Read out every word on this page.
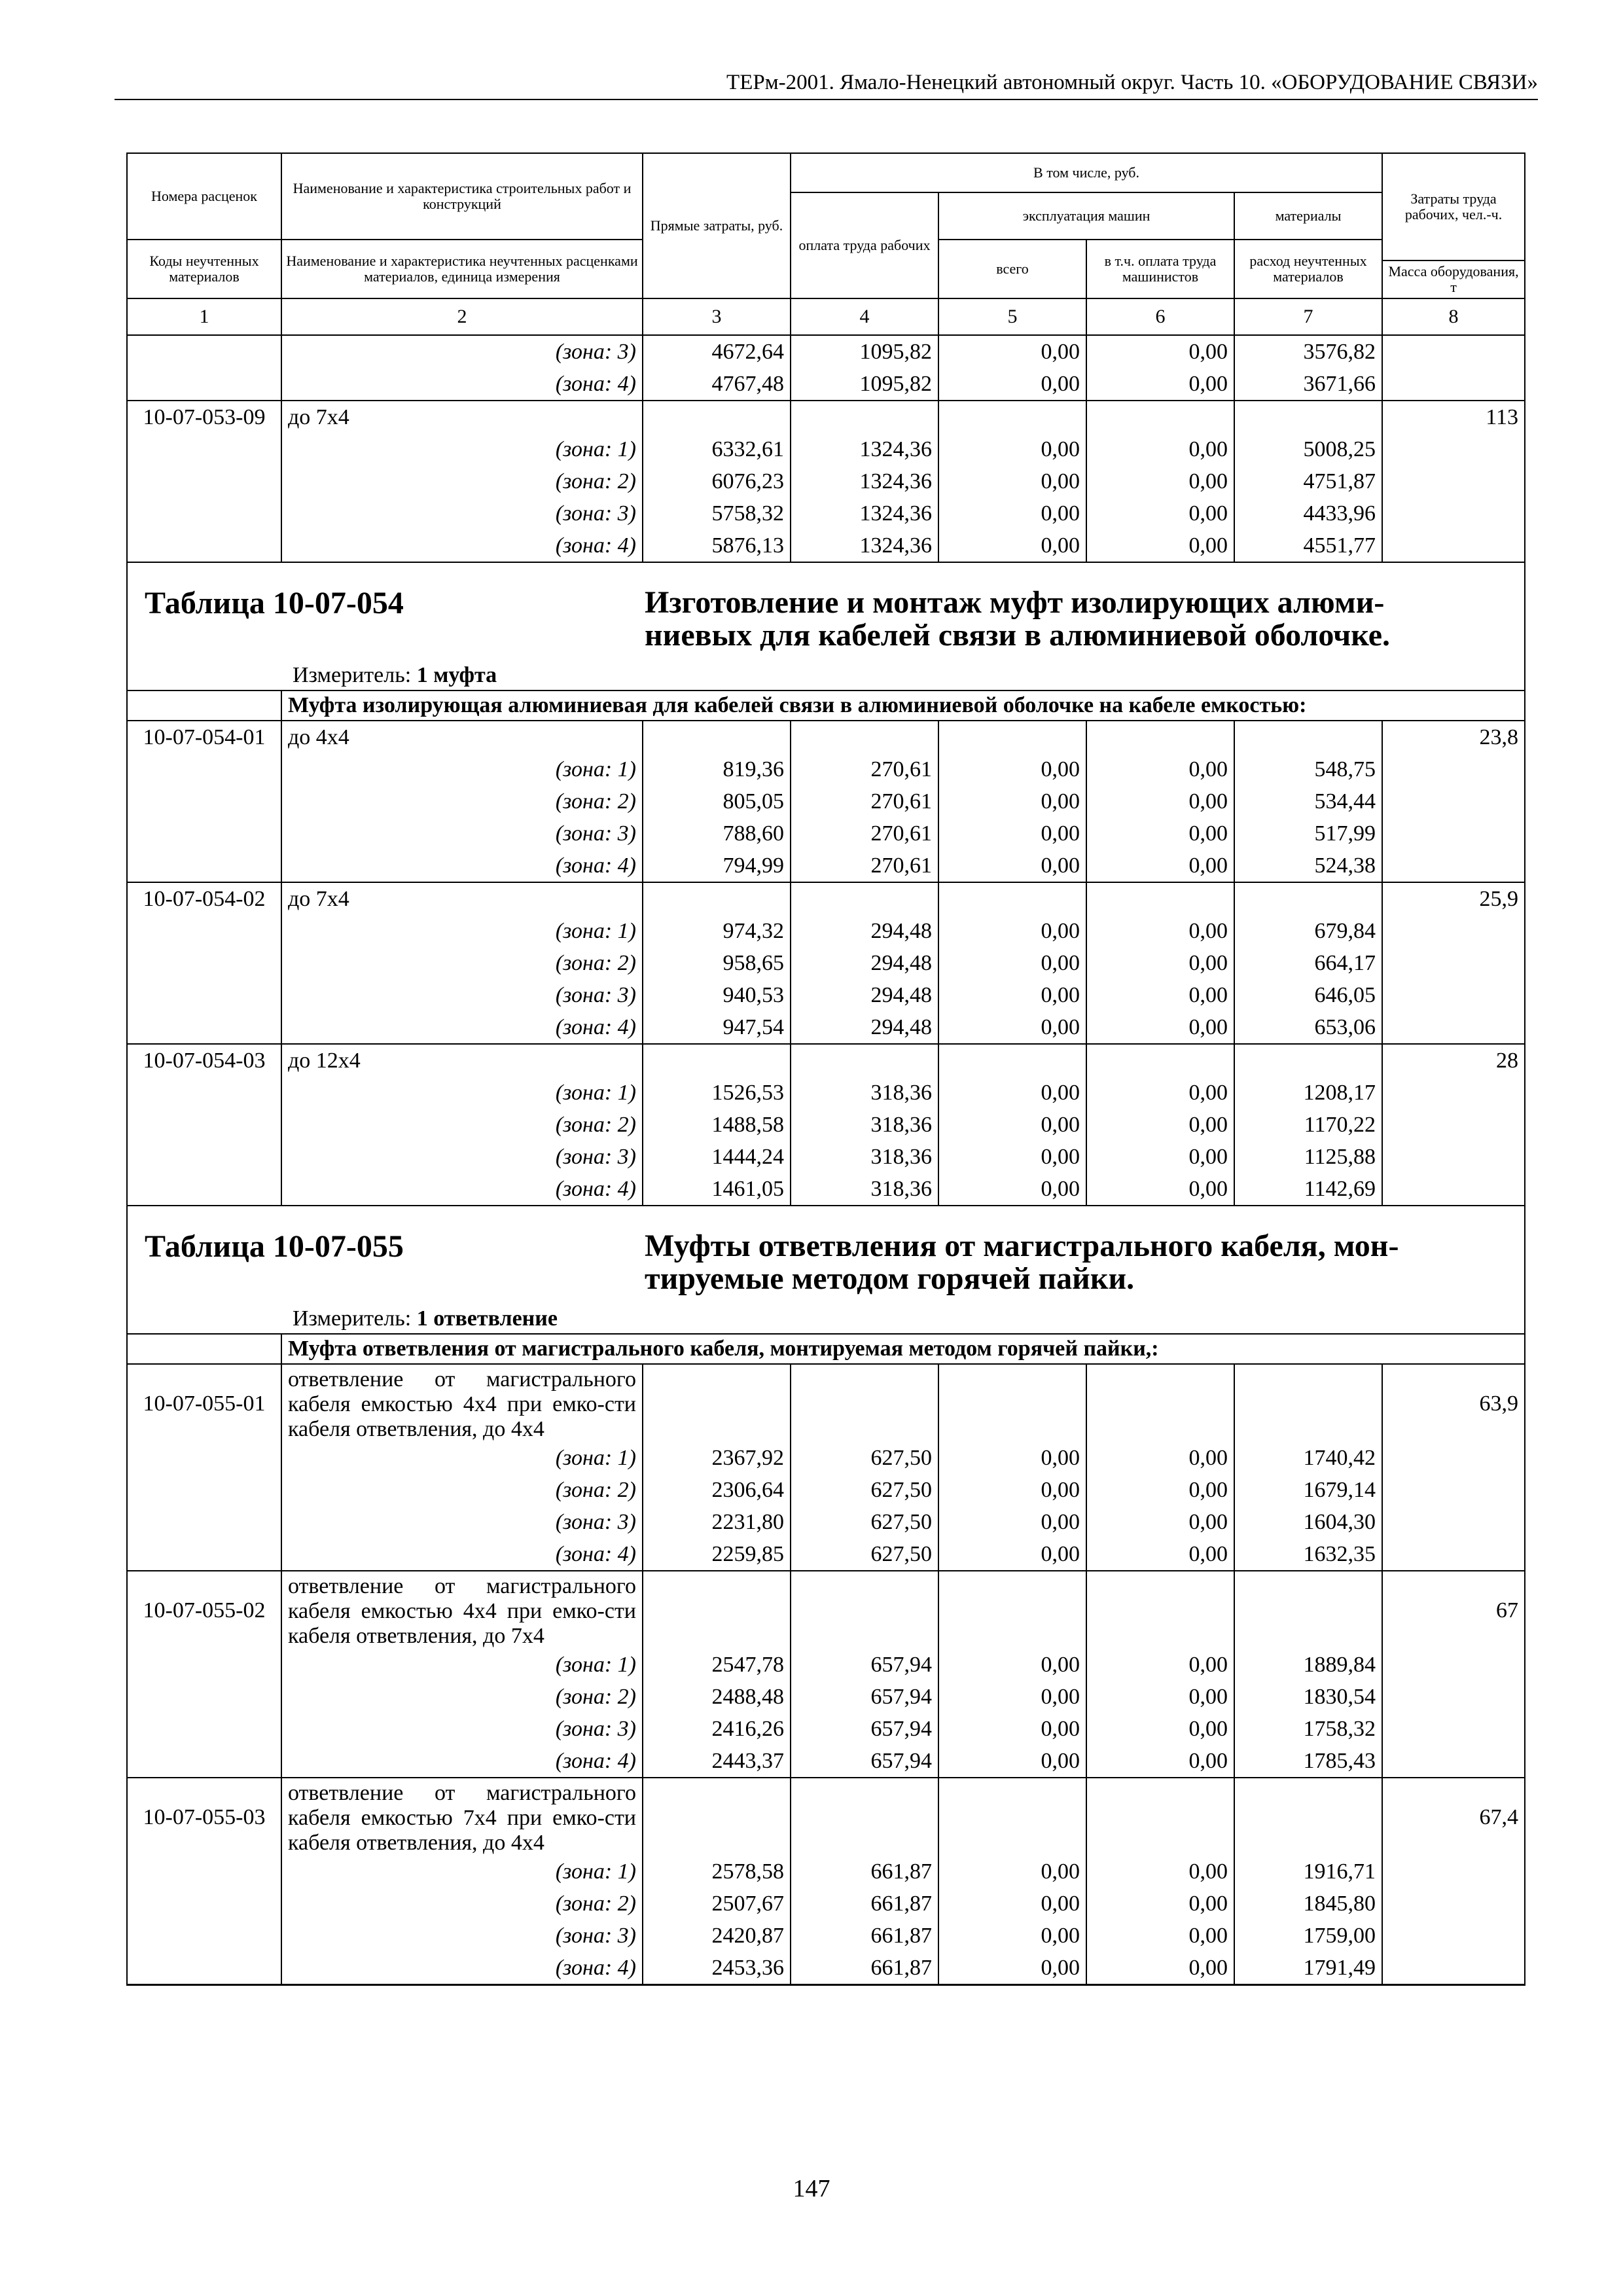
ТЕРм-2001. Ямало-Ненецкий автономный округ. Часть 10. «ОБОРУДОВАНИЕ СВЯЗИ»
Номера расценок	Наименование и характеристика строительных работ и конструкций	Прямые затраты, руб.	В том числе, руб.				Затраты труда рабочих, чел.-ч.
			оплата труда рабочих	эксплуатация машин		материалы	
Коды неучтенных материалов	Наименование и характеристика неучтенных расценками материалов, единица измерения			всего	в т.ч. оплата труда машинистов	расход неучтенных материалов	
							Масса оборудования, т
1	2	3	4	5	6	7	8
	(зона: 3)	4672,64	1095,82	0,00	0,00	3576,82	
	(зона: 4)	4767,48	1095,82	0,00	0,00	3671,66	
10-07-053-09	до 7x4						113
	(зона: 1)	6332,61	1324,36	0,00	0,00	5008,25	
	(зона: 2)	6076,23	1324,36	0,00	0,00	4751,87	
	(зона: 3)	5758,32	1324,36	0,00	0,00	4433,96	
	(зона: 4)	5876,13	1324,36	0,00	0,00	4551,77	

Таблица 10-07-054 Изготовление и монтаж муфт изолирующих алюми-ниевых для кабелей связи в алюминиевой оболочке.
Измеритель: 1 муфта							

	Муфта изолирующая алюминиевая для кабелей связи в алюминиевой оболочке на кабеле емкостью:						
10-07-054-01	до 4x4						23,8
	(зона: 1)	819,36	270,61	0,00	0,00	548,75	
	(зона: 2)	805,05	270,61	0,00	0,00	534,44	
	(зона: 3)	788,60	270,61	0,00	0,00	517,99	
	(зона: 4)	794,99	270,61	0,00	0,00	524,38	
10-07-054-02	до 7x4						25,9
	(зона: 1)	974,32	294,48	0,00	0,00	679,84	
	(зона: 2)	958,65	294,48	0,00	0,00	664,17	
	(зона: 3)	940,53	294,48	0,00	0,00	646,05	
	(зона: 4)	947,54	294,48	0,00	0,00	653,06	
10-07-054-03	до 12x4						28
	(зона: 1)	1526,53	318,36	0,00	0,00	1208,17	
	(зона: 2)	1488,58	318,36	0,00	0,00	1170,22	
	(зона: 3)	1444,24	318,36	0,00	0,00	1125,88	
	(зона: 4)	1461,05	318,36	0,00	0,00	1142,69	

Таблица 10-07-055 Муфты ответвления от магистрального кабеля, мон-тируемые методом горячей пайки.
Измеритель: 1 ответвление							

	Муфта ответвления от магистрального кабеля, монтируемая методом горячей пайки,:						
10-07-055-01	ответвление от магистрального кабеля емкостью 4x4 при емко-сти кабеля ответвления, до 4x4						63,9
	(зона: 1)	2367,92	627,50	0,00	0,00	1740,42	
	(зона: 2)	2306,64	627,50	0,00	0,00	1679,14	
	(зона: 3)	2231,80	627,50	0,00	0,00	1604,30	
	(зона: 4)	2259,85	627,50	0,00	0,00	1632,35	
10-07-055-02	ответвление от магистрального кабеля емкостью 4x4 при емко-сти кабеля ответвления, до 7x4						67
	(зона: 1)	2547,78	657,94	0,00	0,00	1889,84	
	(зона: 2)	2488,48	657,94	0,00	0,00	1830,54	
	(зона: 3)	2416,26	657,94	0,00	0,00	1758,32	
	(зона: 4)	2443,37	657,94	0,00	0,00	1785,43	
10-07-055-03	ответвление от магистрального кабеля емкостью 7x4 при емко-сти кабеля ответвления, до 4x4						67,4
	(зона: 1)	2578,58	661,87	0,00	0,00	1916,71	
	(зона: 2)	2507,67	661,87	0,00	0,00	1845,80	
	(зона: 3)	2420,87	661,87	0,00	0,00	1759,00	
	(зона: 4)	2453,36	661,87	0,00	0,00	1791,49	
147
